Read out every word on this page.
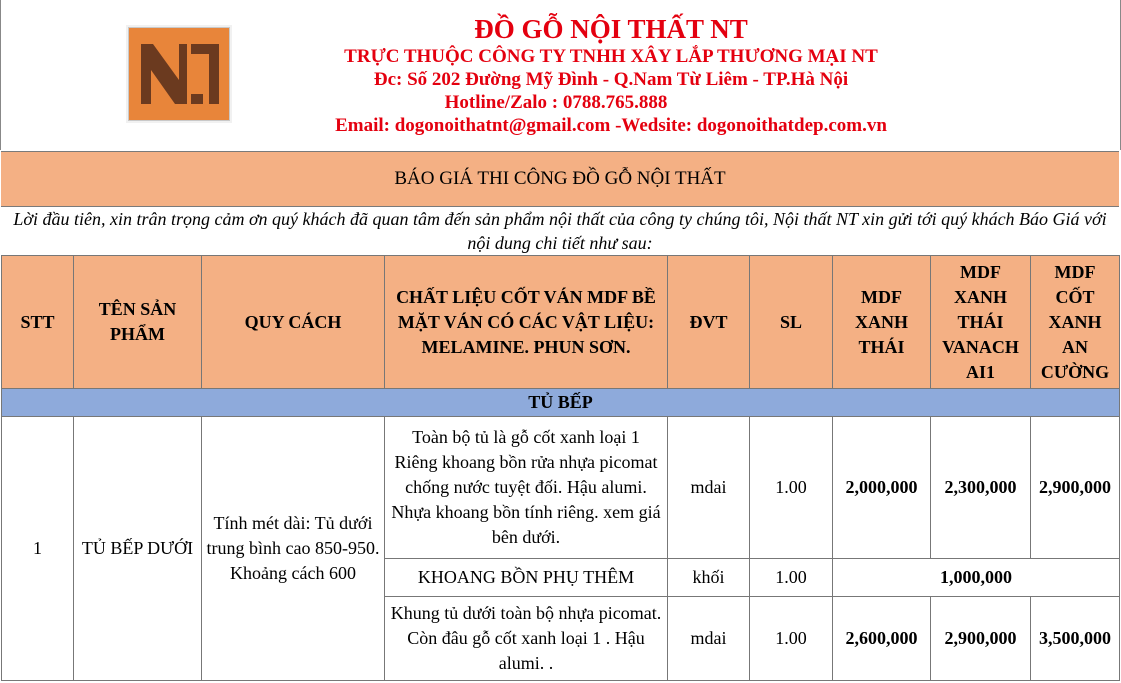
ĐỒ GỖ NỘI THẤT NT
TRỰC THUỘC CÔNG TY TNHH XÂY LẮP THƯƠNG MẠI NT
Đc: Số 202 Đường Mỹ Đình - Q.Nam Từ Liêm - TP.Hà Nội
Hotline/Zalo : 0788.765.888
Email: dogonoithatnt@gmail.com -Wedsite: dogonoithatdep.com.vn
BÁO GIÁ THI CÔNG ĐỒ GỖ NỘI THẤT
Lời đầu tiên, xin trân trọng cảm ơn quý khách đã quan tâm đến sản phẩm nội thất của công ty chúng tôi, Nội thất NT xin gửi tới quý khách Báo Giá với nội dung chi tiết như sau:
STT	TÊN SẢN PHẨM	QUY CÁCH	CHẤT LIỆU CỐT VÁN MDF BỀ MẶT VÁN CÓ CÁC VẬT LIỆU: MELAMINE. PHUN SƠN.	ĐVT	SL	MDF XANH THÁI	MDF XANH THÁI VANACH AI1	MDF CỐT XANH AN CƯỜNG
TỦ BẾP								
1	TỦ BẾP DƯỚI	Tính mét dài: Tủ dưới trung bình cao 850-950. Khoảng cách 600	Toàn bộ tủ là gỗ cốt xanh loại 1 Riêng khoang bồn rửa nhựa picomat chống nước tuyệt đối. Hậu alumi. Nhựa khoang bồn tính riêng. xem giá bên dưới.	mdai	1.00	2,000,000	2,300,000	2,900,000
			KHOANG BỒN PHỤ THÊM	khối	1.00	1,000,000		
			Khung tủ dưới toàn bộ nhựa picomat. Còn đâu gỗ cốt xanh loại 1 . Hậu alumi. .	mdai	1.00	2,600,000	2,900,000	3,500,000
